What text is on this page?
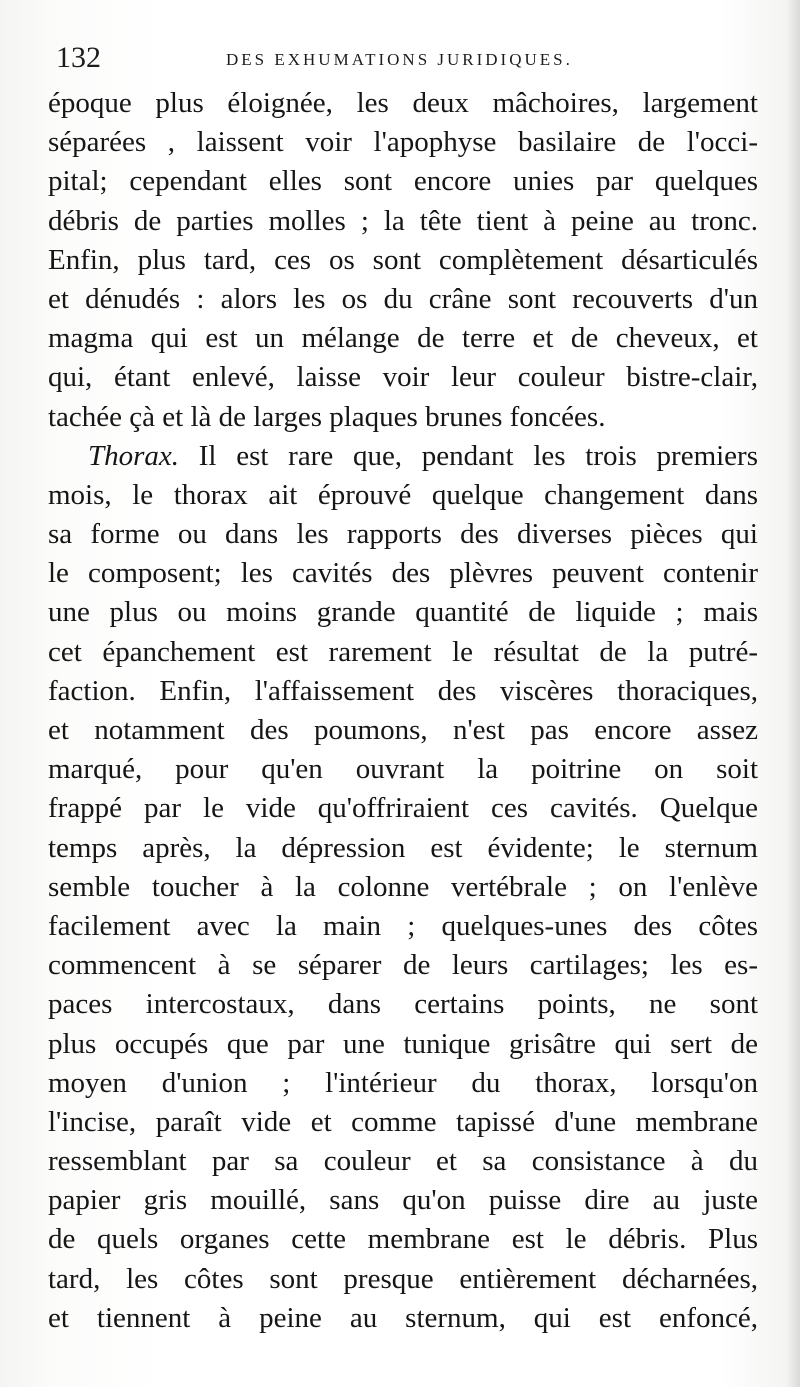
132	DES EXHUMATIONS JURIDIQUES.
époque plus éloignée, les deux mâchoires, largement
séparées , laissent voir l'apophyse basilaire de l'occi-
pital; cependant elles sont encore unies par quelques
débris de parties molles ; la tête tient à peine au tronc.
Enfin, plus tard, ces os sont complètement désarticulés
et dénudés : alors les os du crâne sont recouverts d'un
magma qui est un mélange de terre et de cheveux, et
qui, étant enlevé, laisse voir leur couleur bistre-clair,
tachée çà et là de larges plaques brunes foncées.
Thorax. Il est rare que, pendant les trois premiers
mois, le thorax ait éprouvé quelque changement dans
sa forme ou dans les rapports des diverses pièces qui
le composent; les cavités des plèvres peuvent contenir
une plus ou moins grande quantité de liquide ; mais
cet épanchement est rarement le résultat de la putré-
faction. Enfin, l'affaissement des viscères thoraciques,
et notamment des poumons, n'est pas encore assez
marqué, pour qu'en ouvrant la poitrine on soit
frappé par le vide qu'offriraient ces cavités. Quelque
temps après, la dépression est évidente; le sternum
semble toucher à la colonne vertébrale ; on l'enlève
facilement avec la main ; quelques-unes des côtes
commencent à se séparer de leurs cartilages; les es-
paces intercostaux, dans certains points, ne sont
plus occupés que par une tunique grisâtre qui sert de
moyen d'union ; l'intérieur du thorax, lorsqu'on
l'incise, paraît vide et comme tapissé d'une membrane
ressemblant par sa couleur et sa consistance à du
papier gris mouillé, sans qu'on puisse dire au juste
de quels organes cette membrane est le débris. Plus
tard, les côtes sont presque entièrement décharnées,
et tiennent à peine au sternum, qui est enfoncé,
